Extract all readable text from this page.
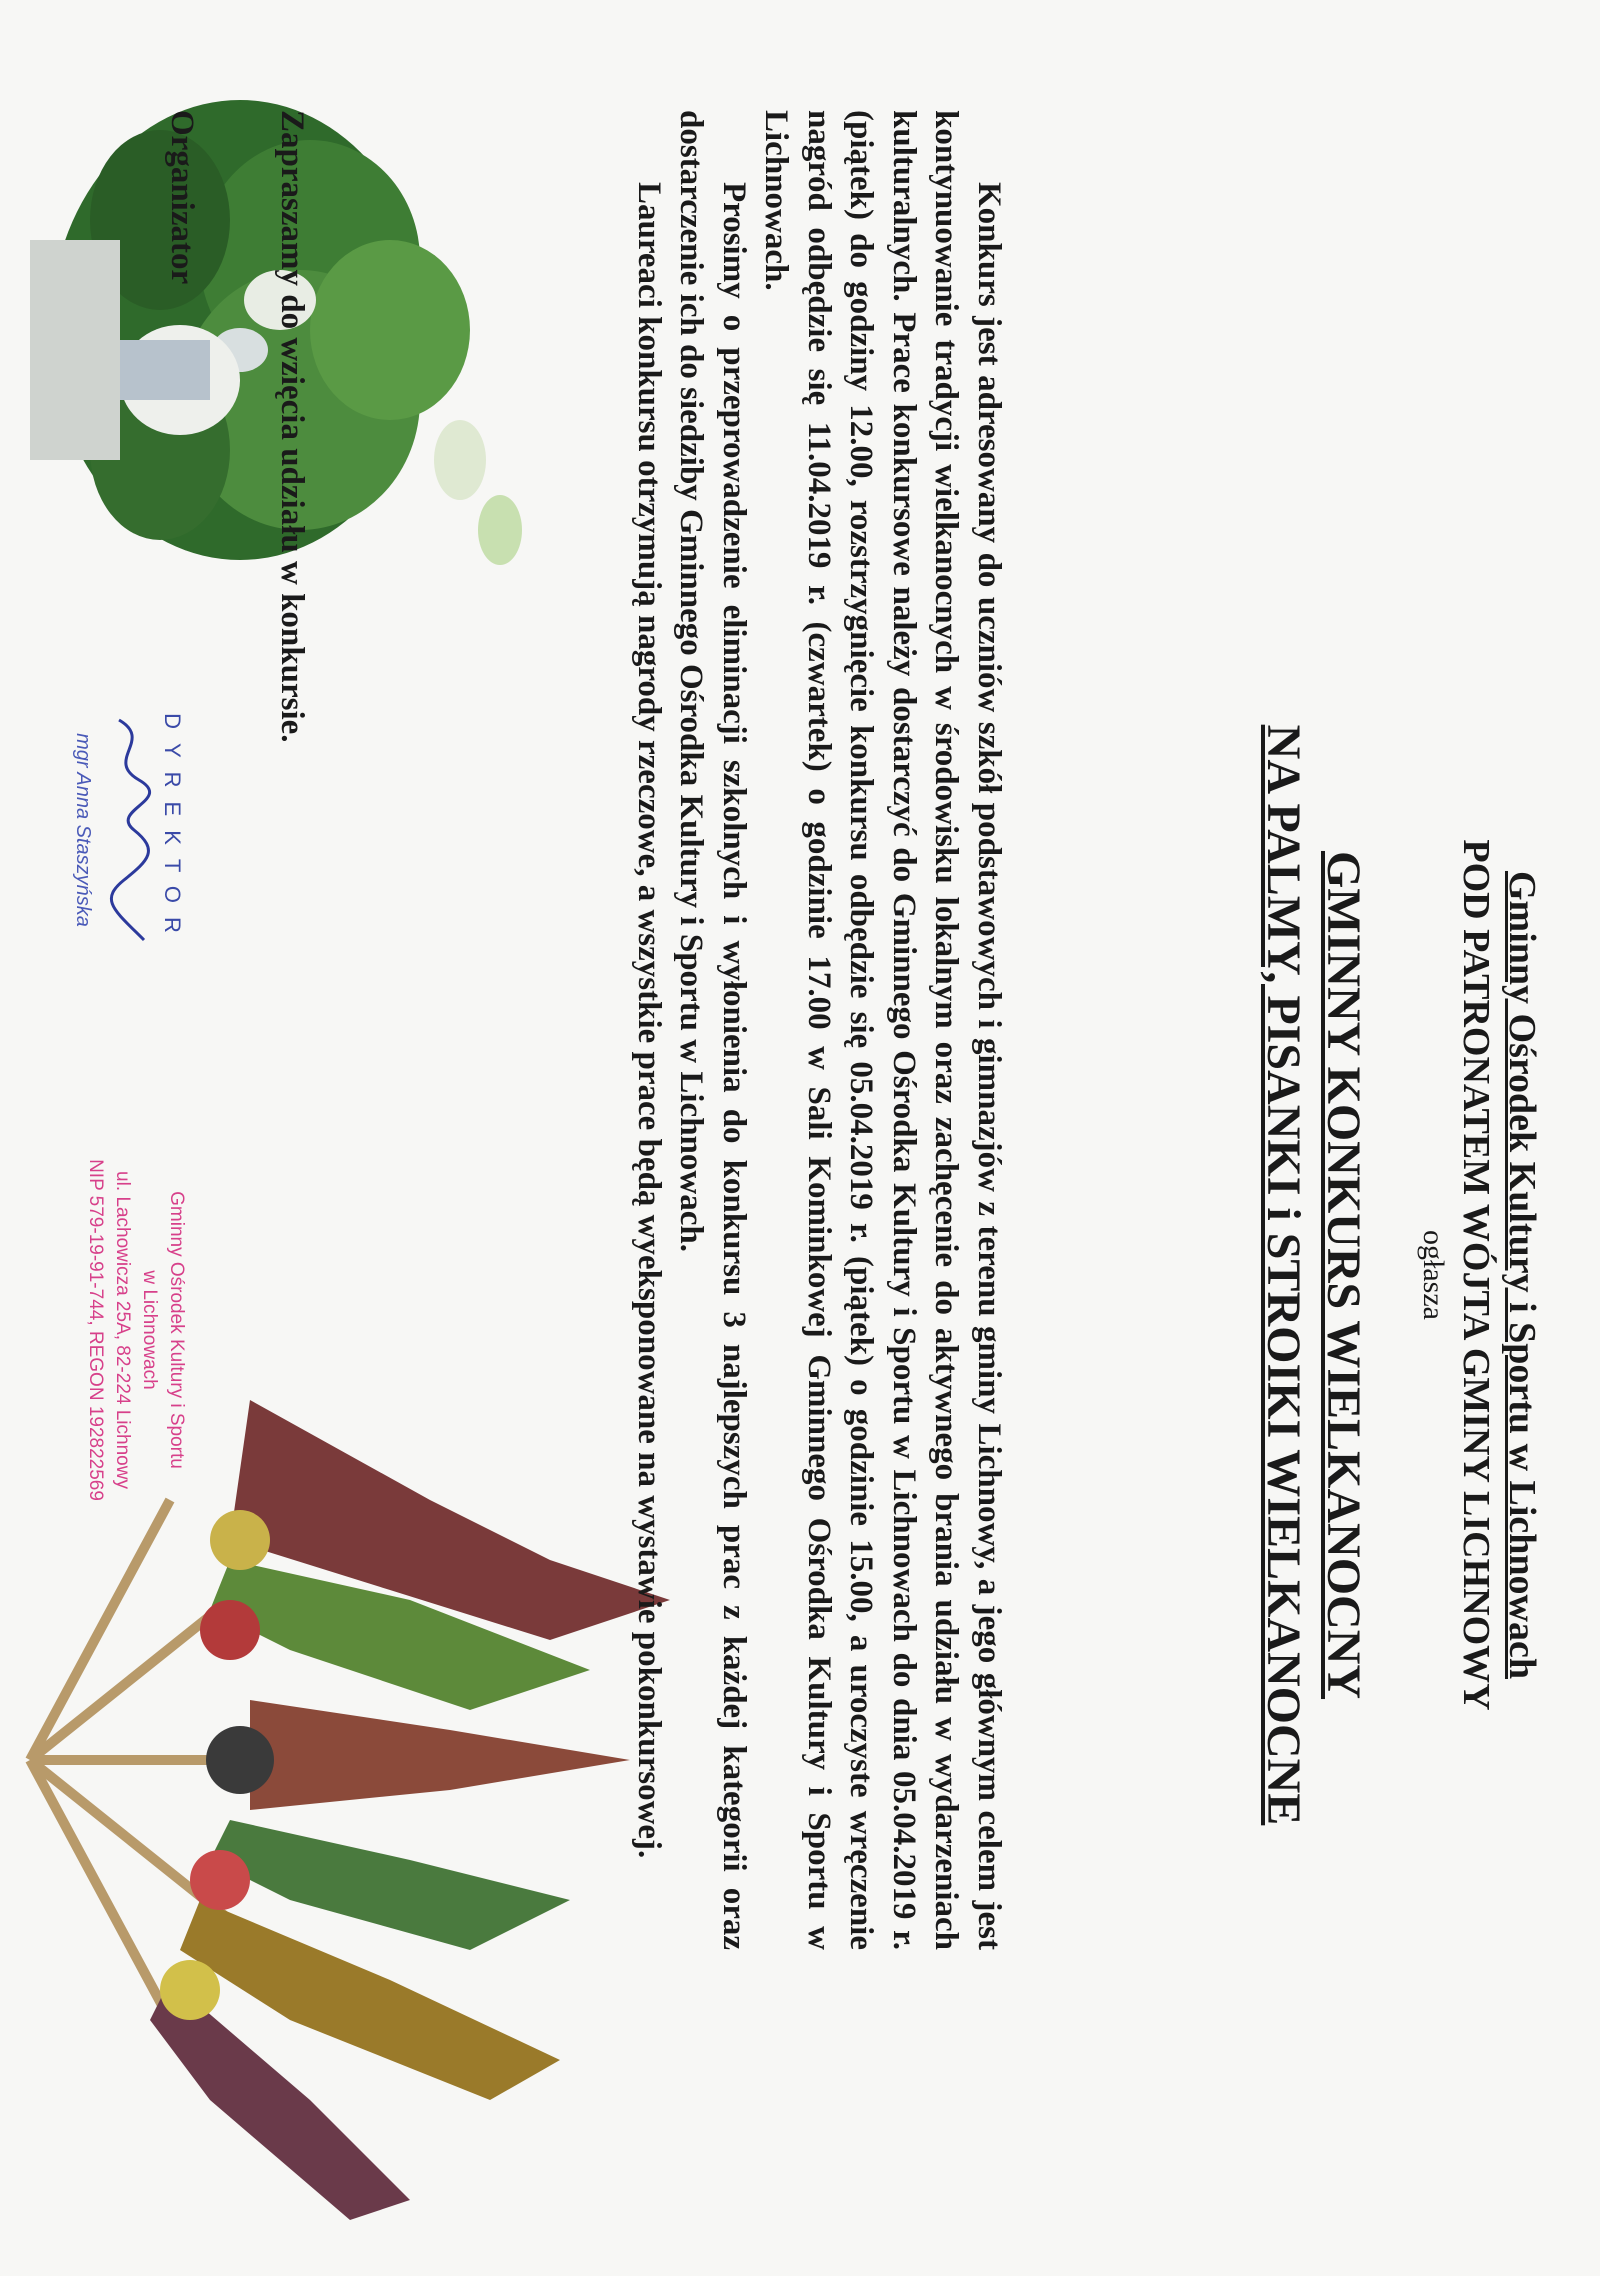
Gminny Ośrodek Kultury i Sportu w Lichnowach
POD PATRONATEM WÓJTA GMINY LICHNOWY
ogłasza
GMINNY KONKURS WIELKANOCNY
NA PALMY, PISANKI i STROIKI WIELKANOCNE

Konkurs jest adresowany do uczniów szkół podstawowych i gimnazjów z terenu gminy Lichnowy, a jego głównym celem jest kontynuowanie tradycji wielkanocnych w środowisku lokalnym oraz zachęcenie do aktywnego brania udziału w wydarzeniach kulturalnych. Prace konkursowe należy dostarczyć do Gminnego Ośrodka Kultury i Sportu w Lichnowach do dnia 05.04.2019 r. (piątek) do godziny 12.00, rozstrzygnięcie konkursu odbędzie się 05.04.2019 r. (piątek) o godzinie 15.00, a uroczyste wręczenie nagród odbędzie się 11.04.2019 r. (czwartek) o godzinie 17.00 w Sali Kominkowej Gminnego Ośrodka Kultury i Sportu w Lichnowach.

Prosimy o przeprowadzenie eliminacji szkolnych i wyłonienia do konkursu 3 najlepszych prac z każdej kategorii oraz dostarczenie ich do siedziby Gminnego Ośrodka Kultury i Sportu w Lichnowach.

Laureaci konkursu otrzymują nagrody rzeczowe, a wszystkie prace będą wyeksponowane na wystawie pokonkursowej.

Zapraszamy do wzięcia udziału w konkursie.
Organizator
DYREKTOR
mgr Anna Staszyńska
Gminny Ośrodek Kultury i Sportu
w Lichnowach
ul. Lachowicza 25A, 82-224 Lichnowy
NIP 579-19-91-744, REGON 192822569
